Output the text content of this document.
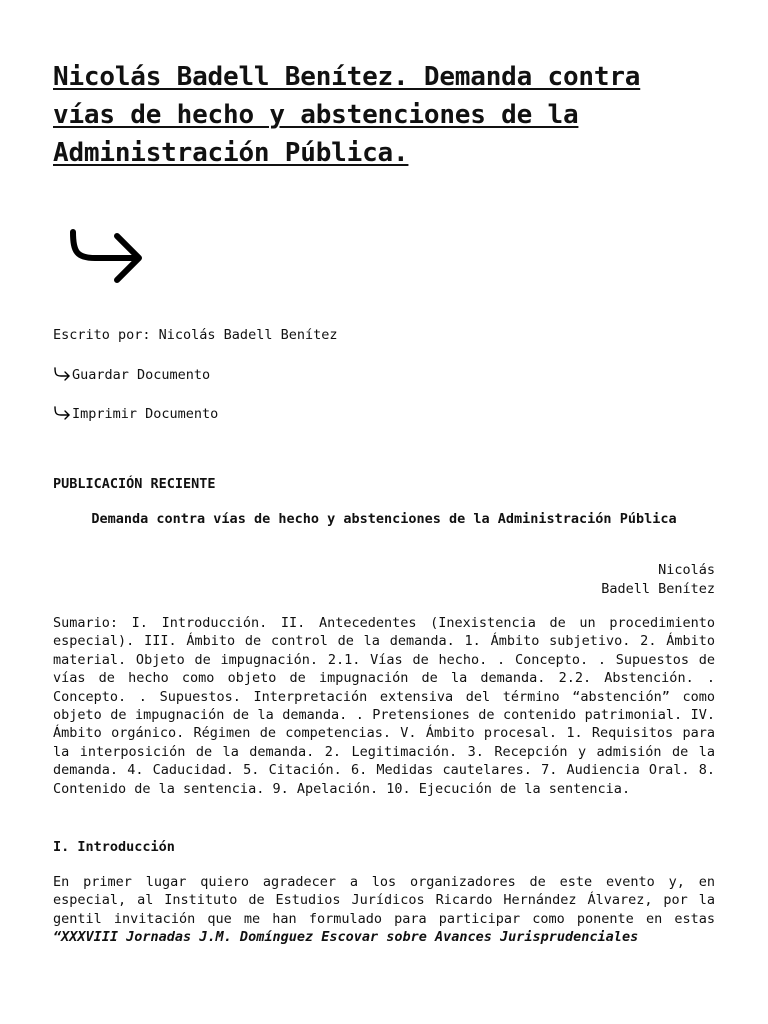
Nicolás Badell Benítez. Demanda contra vías de hecho y abstenciones de la Administración Pública.
Escrito por: Nicolás Badell Benítez
Guardar Documento
Imprimir Documento
PUBLICACIÓN RECIENTE
Demanda contra vías de hecho y abstenciones de la Administración Pública
Nicolás
Badell Benítez
Sumario: I. Introducción. II. Antecedentes (Inexistencia de un procedimiento especial). III. Ámbito de control de la demanda. 1. Ámbito subjetivo. 2. Ámbito material. Objeto de impugnación. 2.1. Vías de hecho. . Concepto. . Supuestos de vías de hecho como objeto de impugnación de la demanda. 2.2. Abstención. . Concepto. . Supuestos. Interpretación extensiva del término “abstención” como objeto de impugnación de la demanda. . Pretensiones de contenido patrimonial. IV. Ámbito orgánico. Régimen de competencias. V. Ámbito procesal. 1. Requisitos para la interposición de la demanda. 2. Legitimación. 3. Recepción y admisión de la demanda. 4. Caducidad. 5. Citación. 6. Medidas cautelares. 7. Audiencia Oral. 8. Contenido de la sentencia. 9. Apelación. 10. Ejecución de la sentencia.
I. Introducción
En primer lugar quiero agradecer a los organizadores de este evento y, en especial, al Instituto de Estudios Jurídicos Ricardo Hernández Álvarez, por la gentil invitación que me han formulado para participar como ponente en estas “XXXVIII Jornadas J.M. Domínguez Escovar sobre Avances Jurisprudenciales
